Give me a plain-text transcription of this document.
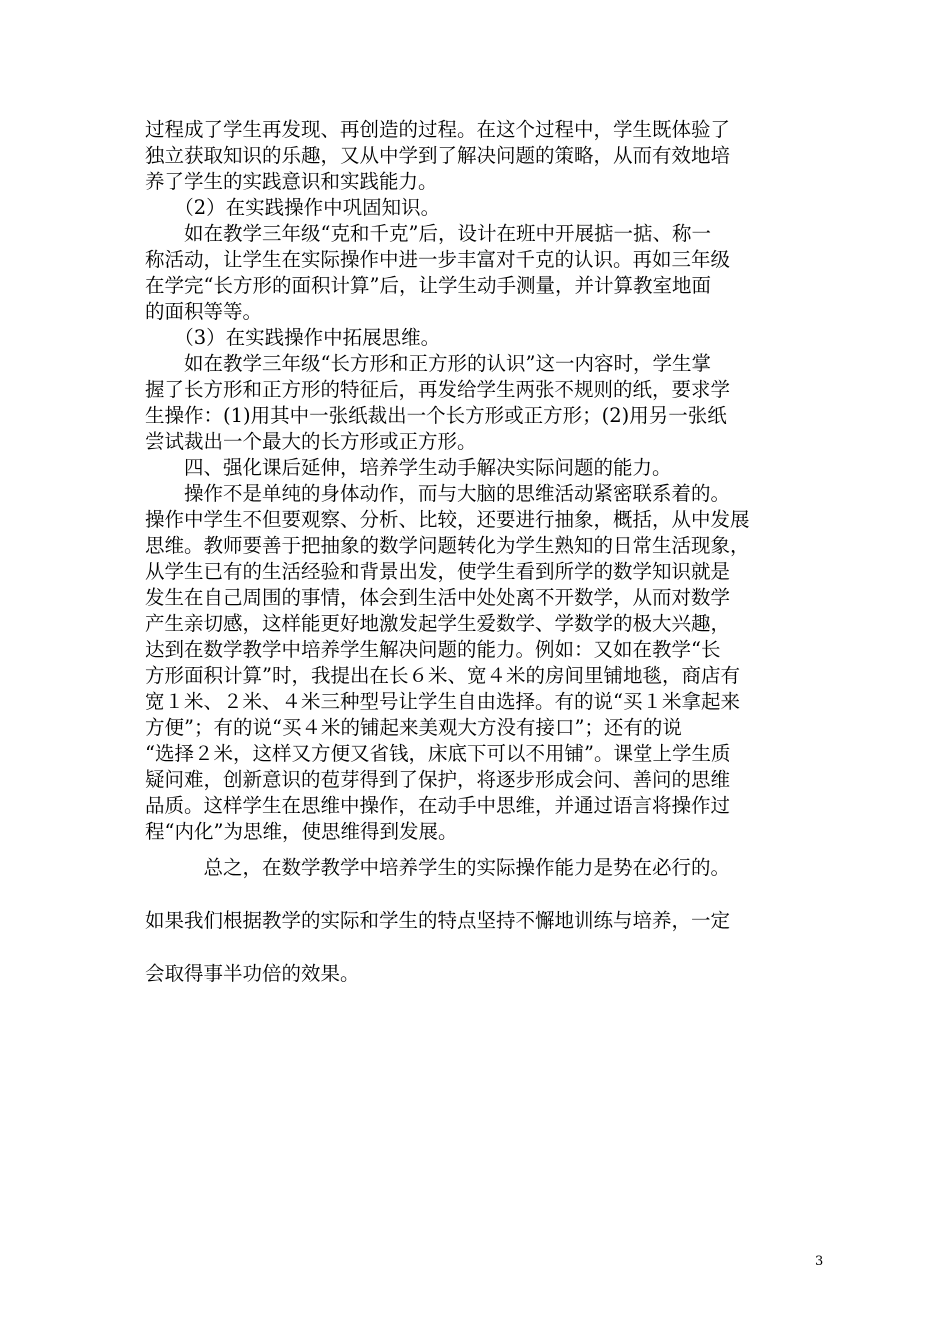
过程成了学生再发现、再创造的过程。在这个过程中，学生既体验了
独立获取知识的乐趣，又从中学到了解决问题的策略，从而有效地培
养了学生的实践意识和实践能力。
　　（2）在实践操作中巩固知识。
　　如在教学三年级“克和千克”后，设计在班中开展掂一掂、称一
称活动，让学生在实际操作中进一步丰富对千克的认识。再如三年级
在学完“长方形的面积计算”后，让学生动手测量，并计算教室地面
的面积等等。
　　（3）在实践操作中拓展思维。
　　如在教学三年级“长方形和正方形的认识”这一内容时，学生掌
握了长方形和正方形的特征后，再发给学生两张不规则的纸，要求学
生操作：(1)用其中一张纸裁出一个长方形或正方形；(2)用另一张纸
尝试裁出一个最大的长方形或正方形。
　　四、强化课后延伸，培养学生动手解决实际问题的能力。
　　操作不是单纯的身体动作，而与大脑的思维活动紧密联系着的。
操作中学生不但要观察、分析、比较，还要进行抽象，概括，从中发展
思维。教师要善于把抽象的数学问题转化为学生熟知的日常生活现象，
从学生已有的生活经验和背景出发，使学生看到所学的数学知识就是
发生在自己周围的事情，体会到生活中处处离不开数学，从而对数学
产生亲切感，这样能更好地激发起学生爱数学、学数学的极大兴趣，
达到在数学教学中培养学生解决问题的能力。例如：又如在教学“长
方形面积计算”时，我提出在长６米、宽４米的房间里铺地毯，商店有
宽１米、２米、４米三种型号让学生自由选择。有的说“买１米拿起来
方便”；有的说“买４米的铺起来美观大方没有接口”；还有的说
“选择２米，这样又方便又省钱，床底下可以不用铺”。课堂上学生质
疑问难，创新意识的苞芽得到了保护，将逐步形成会问、善问的思维
品质。这样学生在思维中操作，在动手中思维，并通过语言将操作过
程“内化”为思维，使思维得到发展。
　　　总之，在数学教学中培养学生的实际操作能力是势在必行的。
如果我们根据教学的实际和学生的特点坚持不懈地训练与培养，一定
会取得事半功倍的效果。
3
